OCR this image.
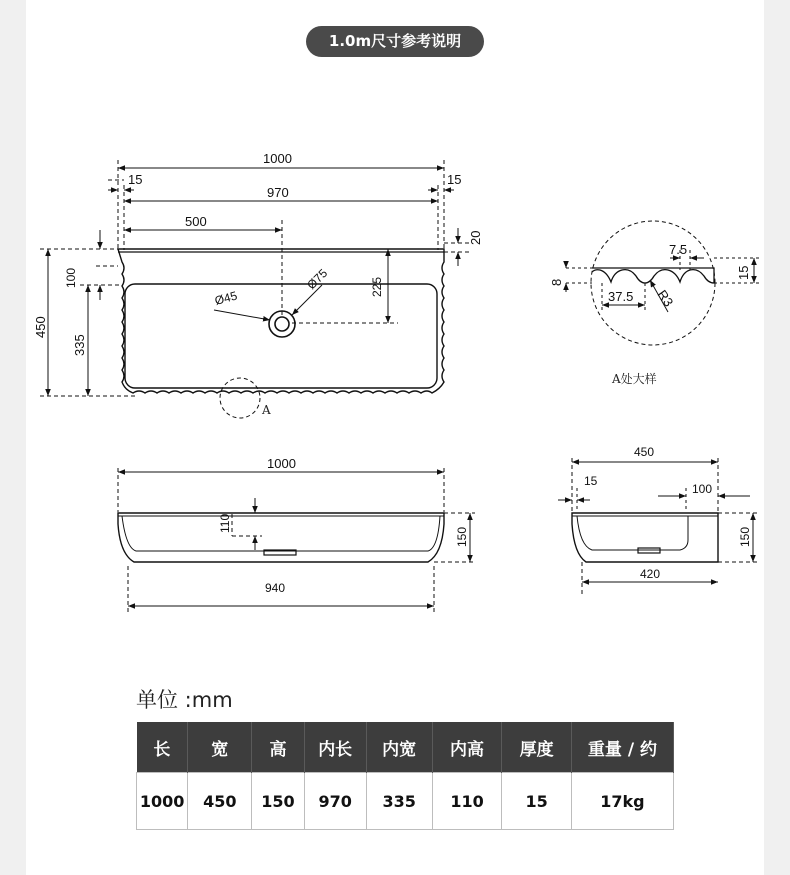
1.0m尺寸参考说明
A
1000
15	15
970
500
20
225
Ø75
Ø45
450
100
335
8
7.5
15
37.5 R3
A处大样
1000
110
150
940
450
15
100
150
420
单位 :mm
长	宽	高	内长	内宽	内高	厚度	重量 / 约
1000	450	150	970	335	110	15	17kg
